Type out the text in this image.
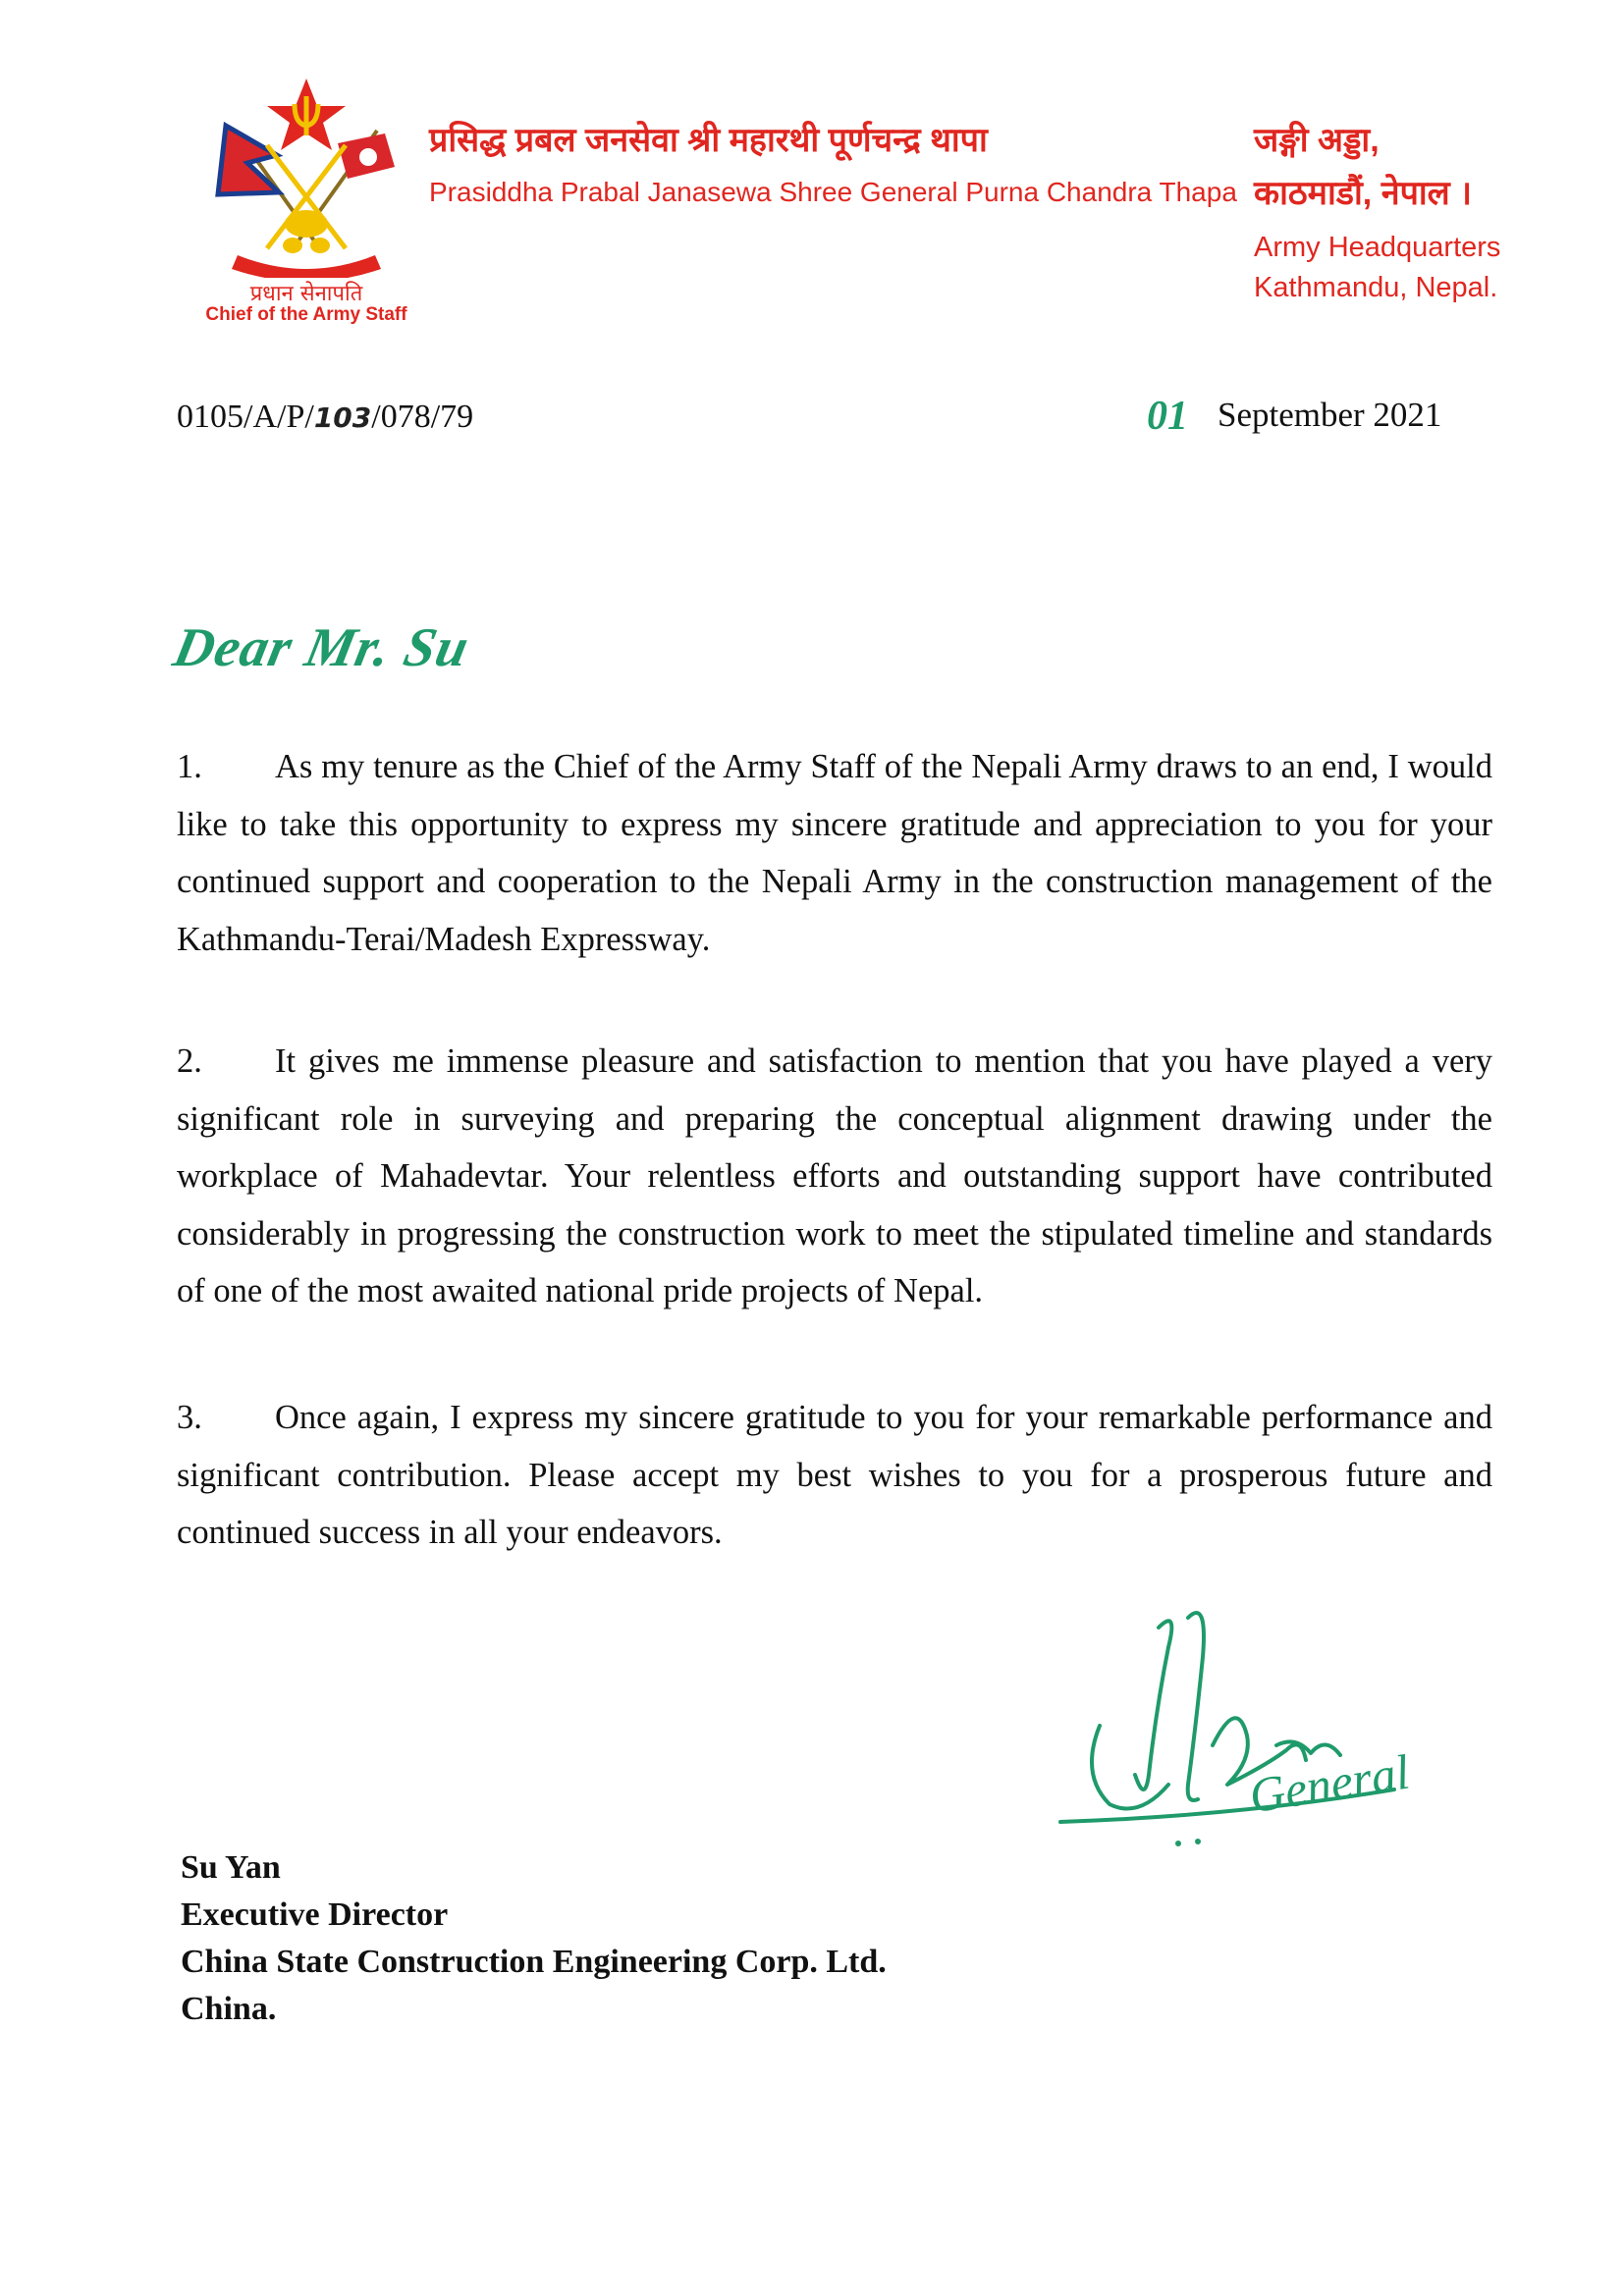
नेपाल
प्रधान सेनापति
Chief of the Army Staff
प्रसिद्ध प्रबल जनसेवा श्री महारथी पूर्णचन्द्र थापा
Prasiddha Prabal Janasewa Shree General Purna Chandra Thapa
जङ्गी अड्डा,
काठमाडौं, नेपाल ।
Army Headquarters
Kathmandu, Nepal.
0105/A/P/103/078/79	01 September 2021
Dear Mr. Su
1. As my tenure as the Chief of the Army Staff of the Nepali Army draws to an end, I would like to take this opportunity to express my sincere gratitude and appreciation to you for your continued support and cooperation to the Nepali Army in the construction management of the Kathmandu-Terai/Madesh Expressway.
2. It gives me immense pleasure and satisfaction to mention that you have played a very significant role in surveying and preparing the conceptual alignment drawing under the workplace of Mahadevtar. Your relentless efforts and outstanding support have contributed considerably in progressing the construction work to meet the stipulated timeline and standards of one of the most awaited national pride projects of Nepal.
3. Once again, I express my sincere gratitude to you for your remarkable performance and significant contribution. Please accept my best wishes to you for a prosperous future and continued success in all your endeavors.
General
Su Yan
Executive Director
China State Construction Engineering Corp. Ltd.
China.
